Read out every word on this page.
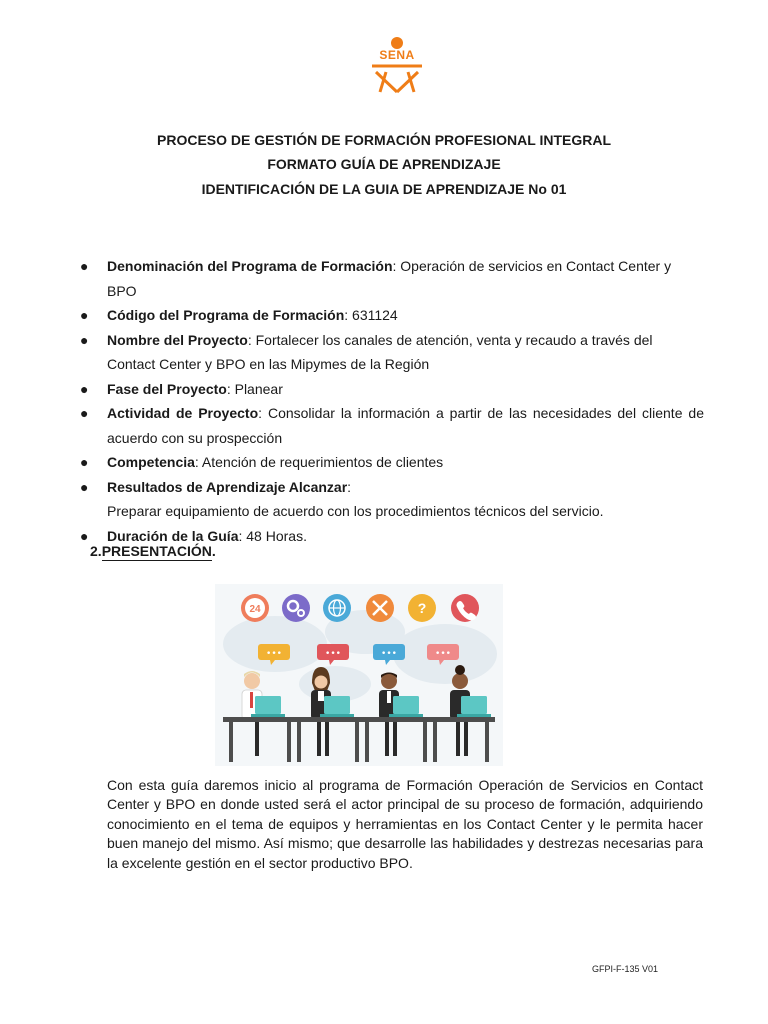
SENA
PROCESO DE GESTIÓN DE FORMACIÓN PROFESIONAL INTEGRAL
FORMATO GUÍA DE APRENDIZAJE
IDENTIFICACIÓN DE LA GUIA DE APRENDIZAJE No 01
● Denominación del Programa de Formación: Operación de servicios en Contact Center y BPO
● Código del Programa de Formación: 631124
● Nombre del Proyecto: Fortalecer los canales de atención, venta y recaudo a través del Contact Center y BPO en las Mipymes de la Región
● Fase del Proyecto: Planear
● Actividad de Proyecto: Consolidar la información a partir de las necesidades del cliente de acuerdo con su prospección
● Competencia: Atención de requerimientos de clientes
● Resultados de Aprendizaje Alcanzar:
Preparar equipamiento de acuerdo con los procedimientos técnicos del servicio.
● Duración de la Guía: 48 Horas.
2.PRESENTACIÓN.
24	?
•••	•••	•••	•••

Con esta guía daremos inicio al programa de Formación Operación de Servicios en Contact Center y BPO en donde usted será el actor principal de su proceso de formación, adquiriendo conocimiento en el tema de equipos y herramientas en los Contact Center y le permita hacer buen manejo del mismo. Así mismo; que desarrolle las habilidades y destrezas necesarias para la excelente gestión en el sector productivo BPO.

GFPI-F-135 V01
